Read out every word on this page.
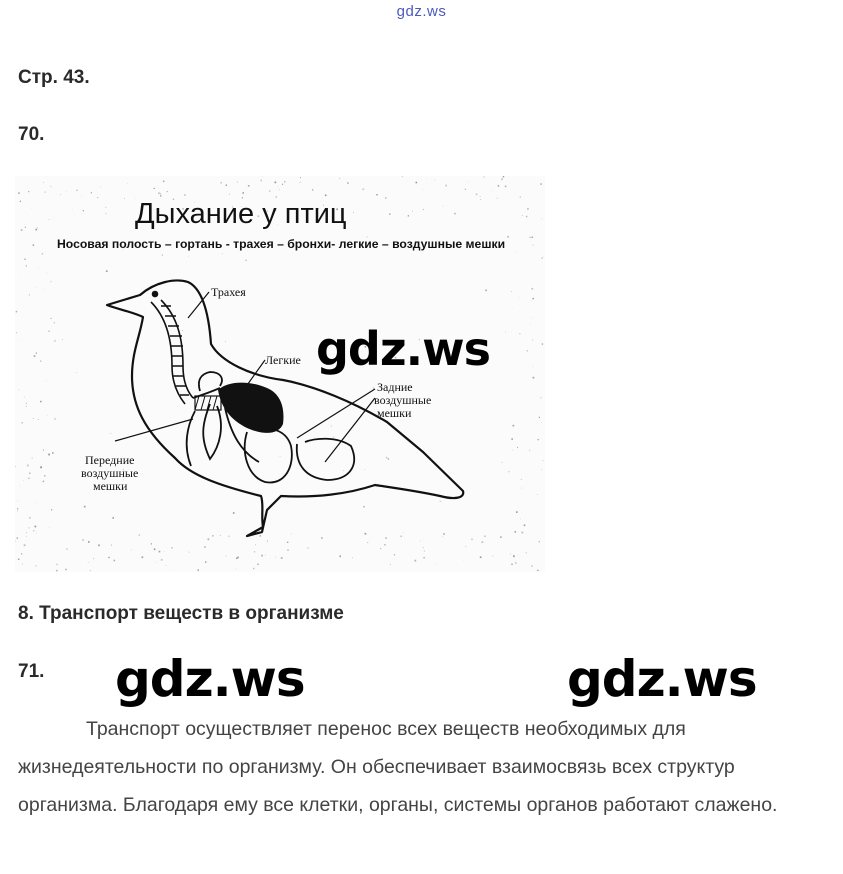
gdz.ws
Стр. 43.
70.
Дыхание у птиц
Носовая полость – гортань - трахея – бронхи- легкие – воздушные мешки
Трахея
Легкие
Задние
воздушные
мешки
Передние
воздушные
мешки
gdz.ws
8. Транспорт веществ в организме
71. gdz.ws	gdz.ws
Транспорт осуществляет перенос всех веществ необходимых для жизнедеятельности по организму. Он обеспечивает взаимосвязь всех структур организма. Благодаря ему все клетки, органы, системы органов работают слажено.
